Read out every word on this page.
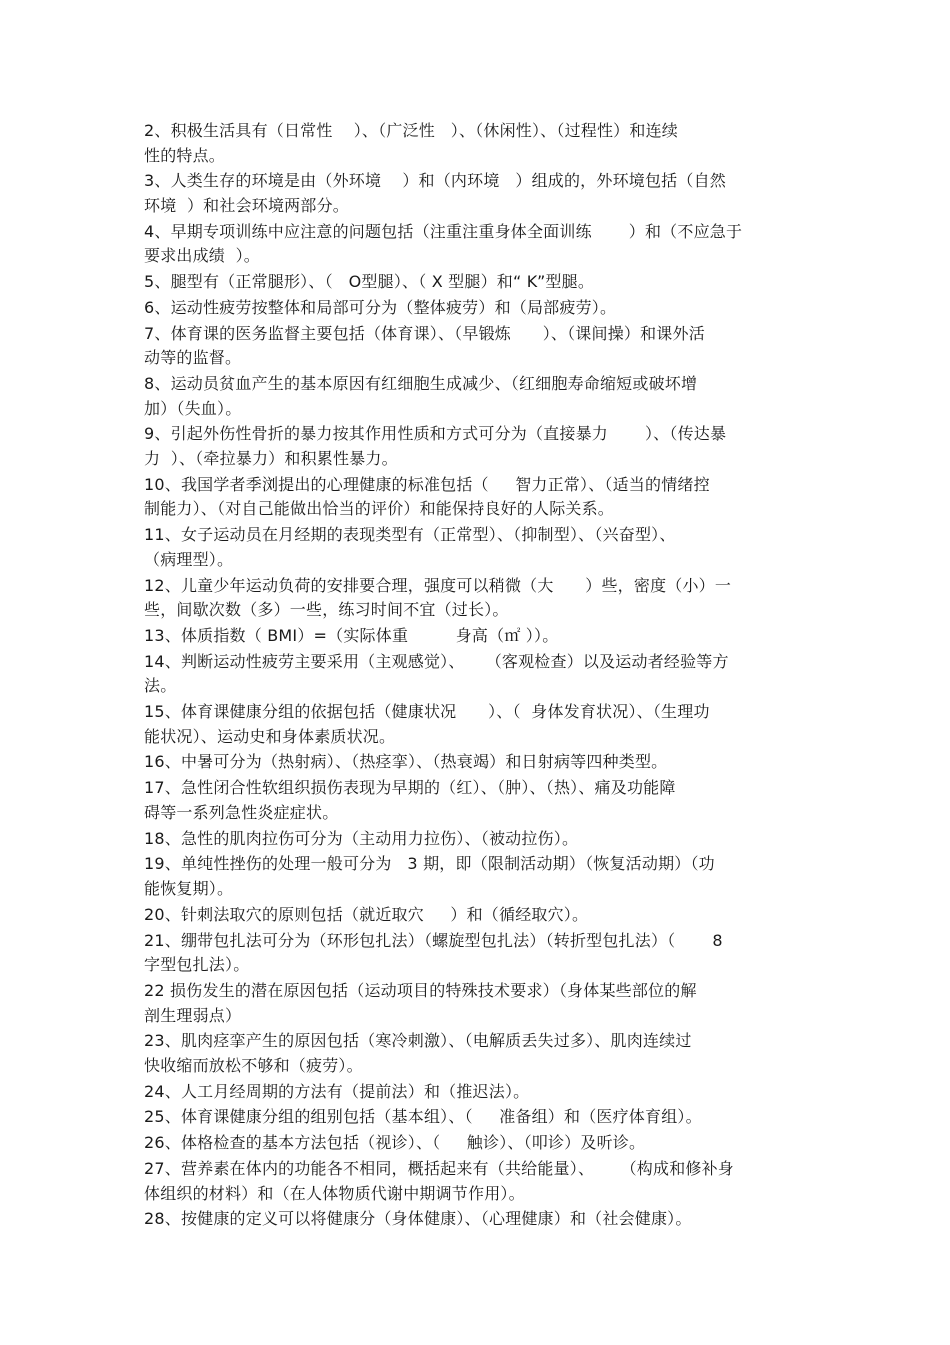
2、积极生活具有（日常性    ）、（广泛性   ）、（休闲性）、（过程性）和连续
性的特点。
3、人类生存的环境是由（外环境    ）和（内环境   ）组成的，外环境包括（自然
环境  ）和社会环境两部分。
4、早期专项训练中应注意的问题包括（注重注重身体全面训练       ）和（不应急于
要求出成绩  ）。
5、腿型有（正常腿形）、（   O型腿）、（ X 型腿）和“ K”型腿。
6、运动性疲劳按整体和局部可分为（整体疲劳）和（局部疲劳）。
7、体育课的医务监督主要包括（体育课）、（早锻炼      ）、（课间操）和课外活
动等的监督。
8、运动员贫血产生的基本原因有红细胞生成减少、（红细胞寿命缩短或破坏增
加）（失血）。
9、引起外伤性骨折的暴力按其作用性质和方式可分为（直接暴力       ）、（传达暴
力  ）、（牵拉暴力）和积累性暴力。
10、我国学者季浏提出的心理健康的标准包括（     智力正常）、（适当的情绪控
制能力）、（对自己能做出恰当的评价）和能保持良好的人际关系。
11、女子运动员在月经期的表现类型有（正常型）、（抑制型）、（兴奋型）、
（病理型）。
12、儿童少年运动负荷的安排要合理，强度可以稍微（大      ）些，密度（小）一
些，间歇次数（多）一些，练习时间不宜（过长）。
13、体质指数（ BMI）=（实际体重         身高（㎡ ））。
14、判断运动性疲劳主要采用（主观感觉）、    （客观检查）以及运动者经验等方
法。
15、体育课健康分组的依据包括（健康状况      ）、（  身体发育状况）、（生理功
能状况）、运动史和身体素质状况。
16、中暑可分为（热射病）、（热痉挛）、（热衰竭）和日射病等四种类型。
17、急性闭合性软组织损伤表现为早期的（红）、（肿）、（热）、痛及功能障
碍等一系列急性炎症症状。
18、急性的肌肉拉伤可分为（主动用力拉伤）、（被动拉伤）。
19、单纯性挫伤的处理一般可分为   3 期，即（限制活动期）（恢复活动期）（功
能恢复期）。
20、针刺法取穴的原则包括（就近取穴     ）和（循经取穴）。
21、绷带包扎法可分为（环形包扎法）（螺旋型包扎法）（转折型包扎法）（       8
字型包扎法）。
22 损伤发生的潜在原因包括（运动项目的特殊技术要求）（身体某些部位的解
剖生理弱点）
23、肌肉痉挛产生的原因包括（寒冷刺激）、（电解质丢失过多）、肌肉连续过
快收缩而放松不够和（疲劳）。
24、人工月经周期的方法有（提前法）和（推迟法）。
25、体育课健康分组的组别包括（基本组）、（     准备组）和（医疗体育组）。
26、体格检查的基本方法包括（视诊）、（     触诊）、（叩诊）及听诊。
27、营养素在体内的功能各不相同，概括起来有（共给能量）、     （构成和修补身
体组织的材料）和（在人体物质代谢中期调节作用）。
28、按健康的定义可以将健康分（身体健康）、（心理健康）和（社会健康）。
